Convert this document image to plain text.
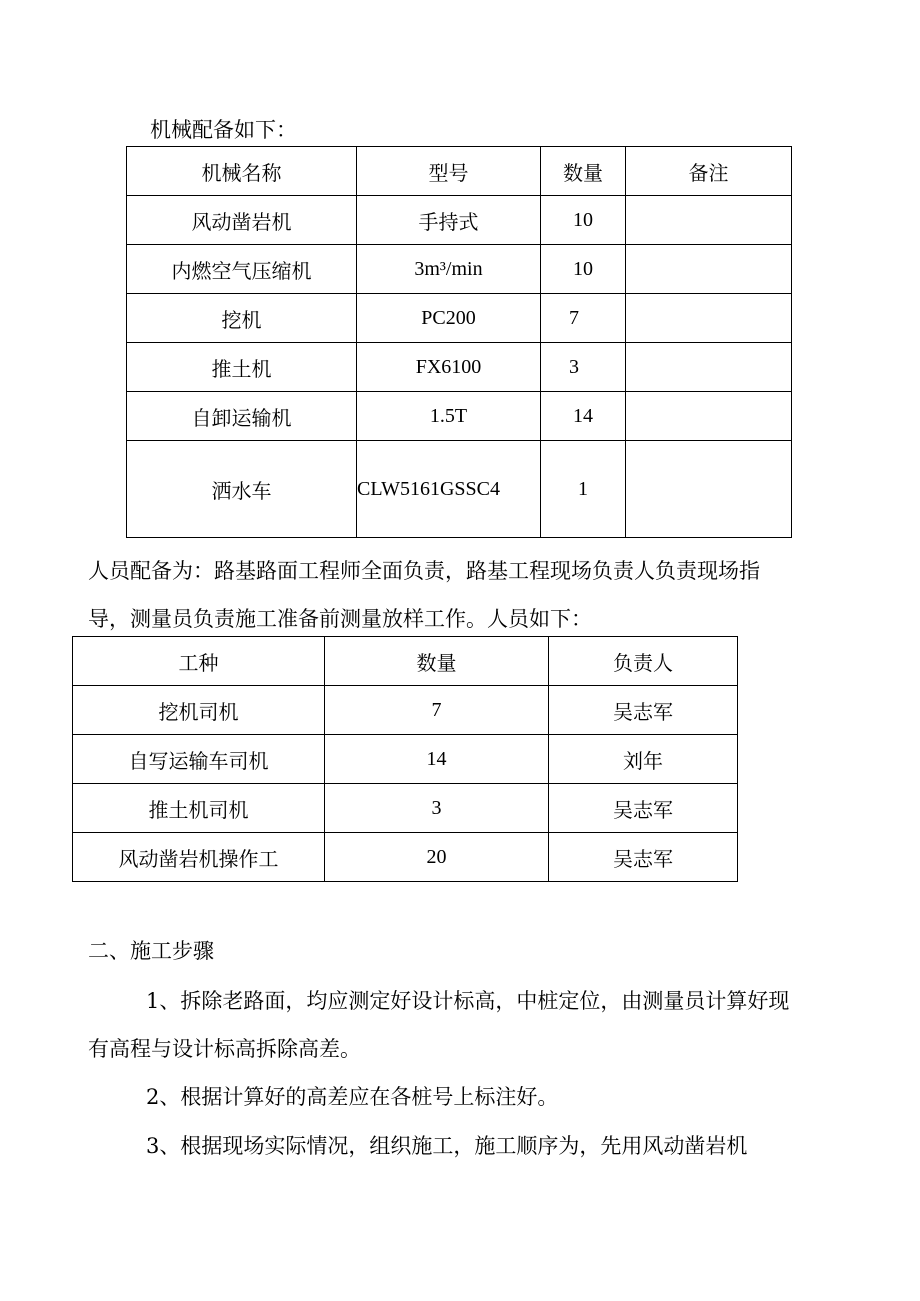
机械配备如下：
机械名称	型号	数量	备注
风动凿岩机	手持式	10	
内燃空气压缩机	3m³/min	10	
挖机	PC200	7	
推土机	FX6100	3	
自卸运输机	1.5T	14	
洒水车	CLW5161GSSC4	1	
人员配备为：路基路面工程师全面负责，路基工程现场负责人负责现场指
导，测量员负责施工准备前测量放样工作。人员如下：
工种	数量	负责人
挖机司机	7	吴志军
自写运输车司机	14	刘年
推土机司机	3	吴志军
风动凿岩机操作工	20	吴志军
二、施工步骤
1、拆除老路面，均应测定好设计标高，中桩定位，由测量员计算好现
有高程与设计标高拆除高差。
2、根据计算好的高差应在各桩号上标注好。
3、根据现场实际情况，组织施工，施工顺序为，先用风动凿岩机
